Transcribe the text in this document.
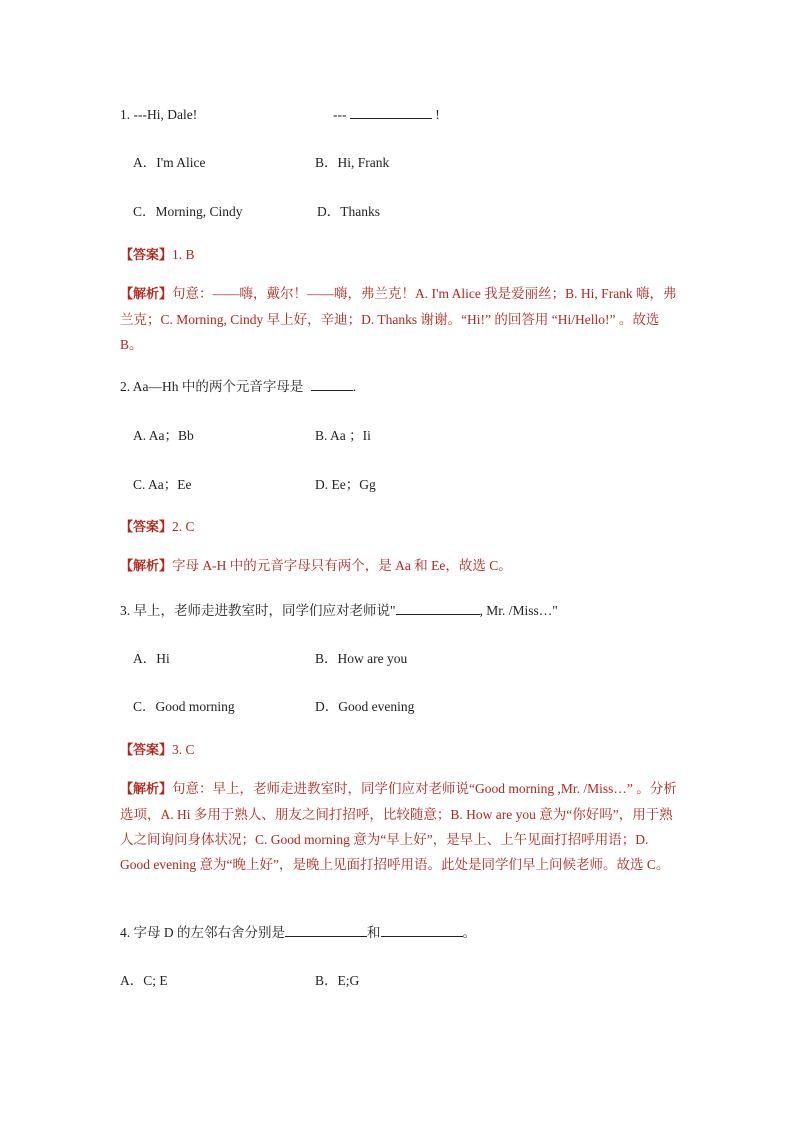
1. ---Hi, Dale!	---	!
A．I'm Alice	B．Hi, Frank
C．Morning, Cindy	D．Thanks
【答案】1. B
【解析】句意：——嗨，戴尔！——嗨，弗兰克！A. I'm Alice 我是爱丽丝；B. Hi, Frank 嗨，弗兰克；C. Morning, Cindy 早上好，辛迪；D. Thanks 谢谢。“Hi!” 的回答用 “Hi/Hello!” 。故选 B。
2. Aa—Hh 中的两个元音字母是	.
A. Aa；Bb	B. Aa ；Ii
C. Aa；Ee	D. Ee；Gg
【答案】2. C
【解析】字母 A-H 中的元音字母只有两个，是 Aa 和 Ee，故选 C。
3. 早上，老师走进教室时，同学们应对老师说"	, Mr. /Miss…"
A．Hi	B．How are you
C．Good morning	D．Good evening
【答案】3. C
【解析】句意：早上，老师走进教室时，同学们应对老师说“Good morning ,Mr. /Miss…” 。分析选项，A. Hi 多用于熟人、朋友之间打招呼，比较随意；B. How are you 意为“你好吗”，用于熟人之间询问身体状况；C. Good morning 意为“早上好”，是早上、上午见面打招呼用语；D. Good evening 意为“晚上好”，是晚上见面打招呼用语。此处是同学们早上问候老师。故选 C。
4. 字母 D 的左邻右舍分别是	和	。
A．C; E	B．E;G
